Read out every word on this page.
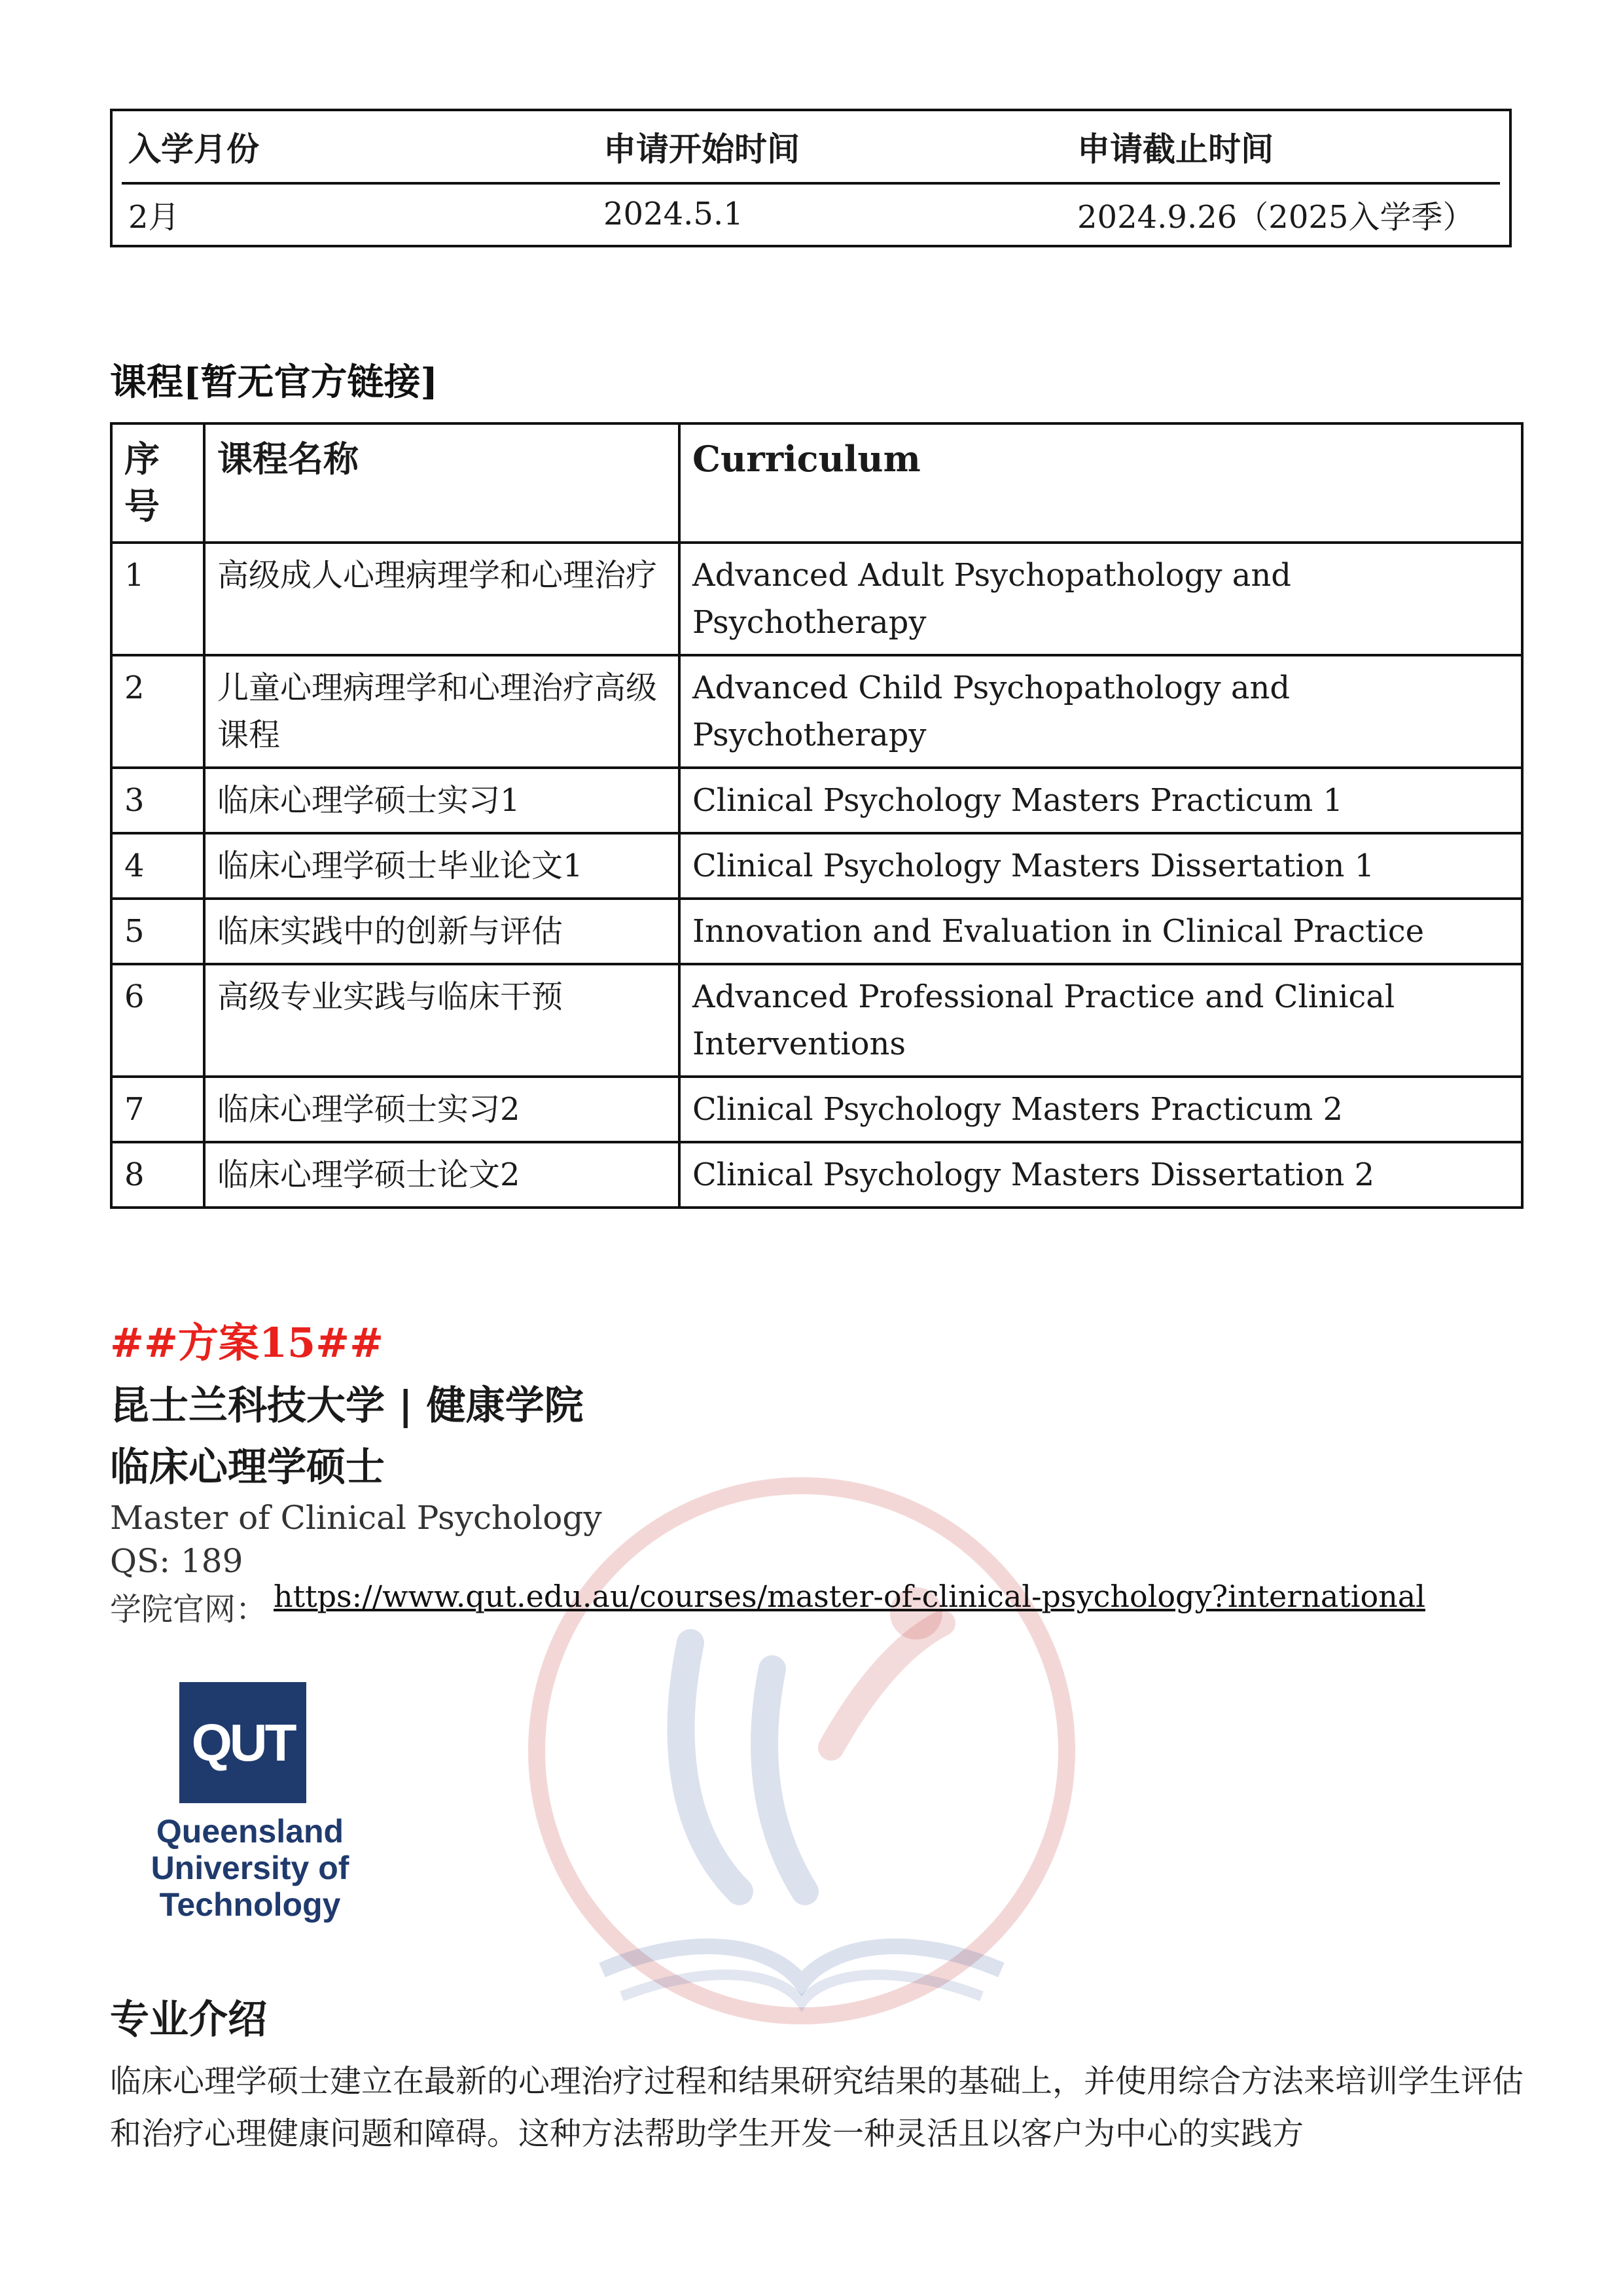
入学月份	申请开始时间	申请截止时间
2月	2024.5.1	2024.9.26（2025入学季）
课程[暂无官方链接]
序号	课程名称	Curriculum
1	高级成人心理病理学和心理治疗	Advanced Adult Psychopathology and Psychotherapy
2	儿童心理病理学和心理治疗高级课程	Advanced Child Psychopathology and Psychotherapy
3	临床心理学硕士实习1	Clinical Psychology Masters Practicum 1
4	临床心理学硕士毕业论文1	Clinical Psychology Masters Dissertation 1
5	临床实践中的创新与评估	Innovation and Evaluation in Clinical Practice
6	高级专业实践与临床干预	Advanced Professional Practice and Clinical Interventions
7	临床心理学硕士实习2	Clinical Psychology Masters Practicum 2
8	临床心理学硕士论文2	Clinical Psychology Masters Dissertation 2
##方案15##
昆士兰科技大学 | 健康学院
临床心理学硕士
Master of Clinical Psychology
QS: 189
学院官网： https://www.qut.edu.au/courses/master-of-clinical-psychology?international
QUT
Queensland University of Technology
专业介绍
临床心理学硕士建立在最新的心理治疗过程和结果研究结果的基础上，并使用综合方法来培训学生评估和治疗心理健康问题和障碍。这种方法帮助学生开发一种灵活且以客户为中心的实践方
